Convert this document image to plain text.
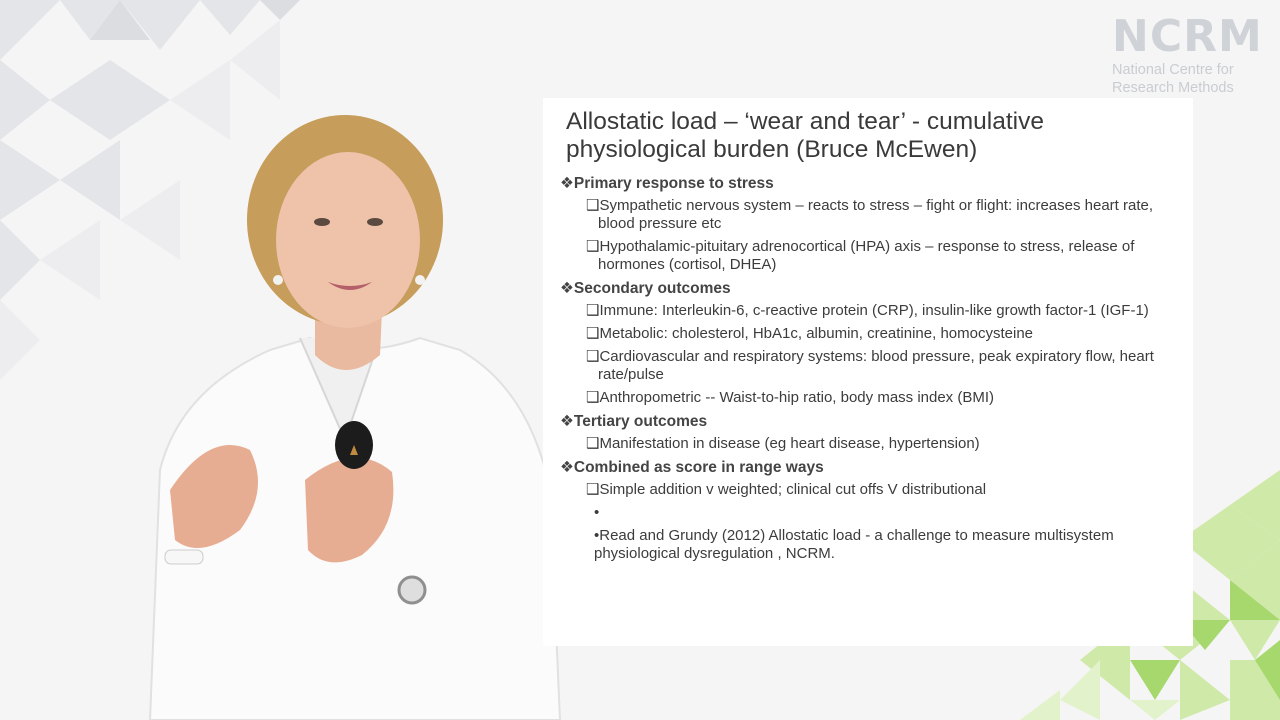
NCRM
National Centre for
Research Methods
Allostatic load – ‘wear and tear’ - cumulative
physiological burden (Bruce McEwen)
❖Primary response to stress
❑Sympathetic nervous system – reacts to stress – fight or flight: increases heart rate, blood pressure etc
❑Hypothalamic-pituitary adrenocortical (HPA) axis – response to stress, release of hormones (cortisol, DHEA)
❖Secondary outcomes
❑Immune: Interleukin-6, c-reactive protein (CRP), insulin-like growth factor-1 (IGF-1)
❑Metabolic: cholesterol, HbA1c, albumin, creatinine, homocysteine
❑Cardiovascular and respiratory systems: blood pressure, peak expiratory flow, heart rate/pulse
❑Anthropometric -- Waist-to-hip ratio, body mass index (BMI)
❖Tertiary outcomes
❑Manifestation in disease (eg heart disease, hypertension)
❖Combined as score in range ways
❑Simple addition v weighted; clinical cut offs V distributional
•
•Read and Grundy (2012) Allostatic load - a challenge to measure multisystem physiological dysregulation , NCRM.
